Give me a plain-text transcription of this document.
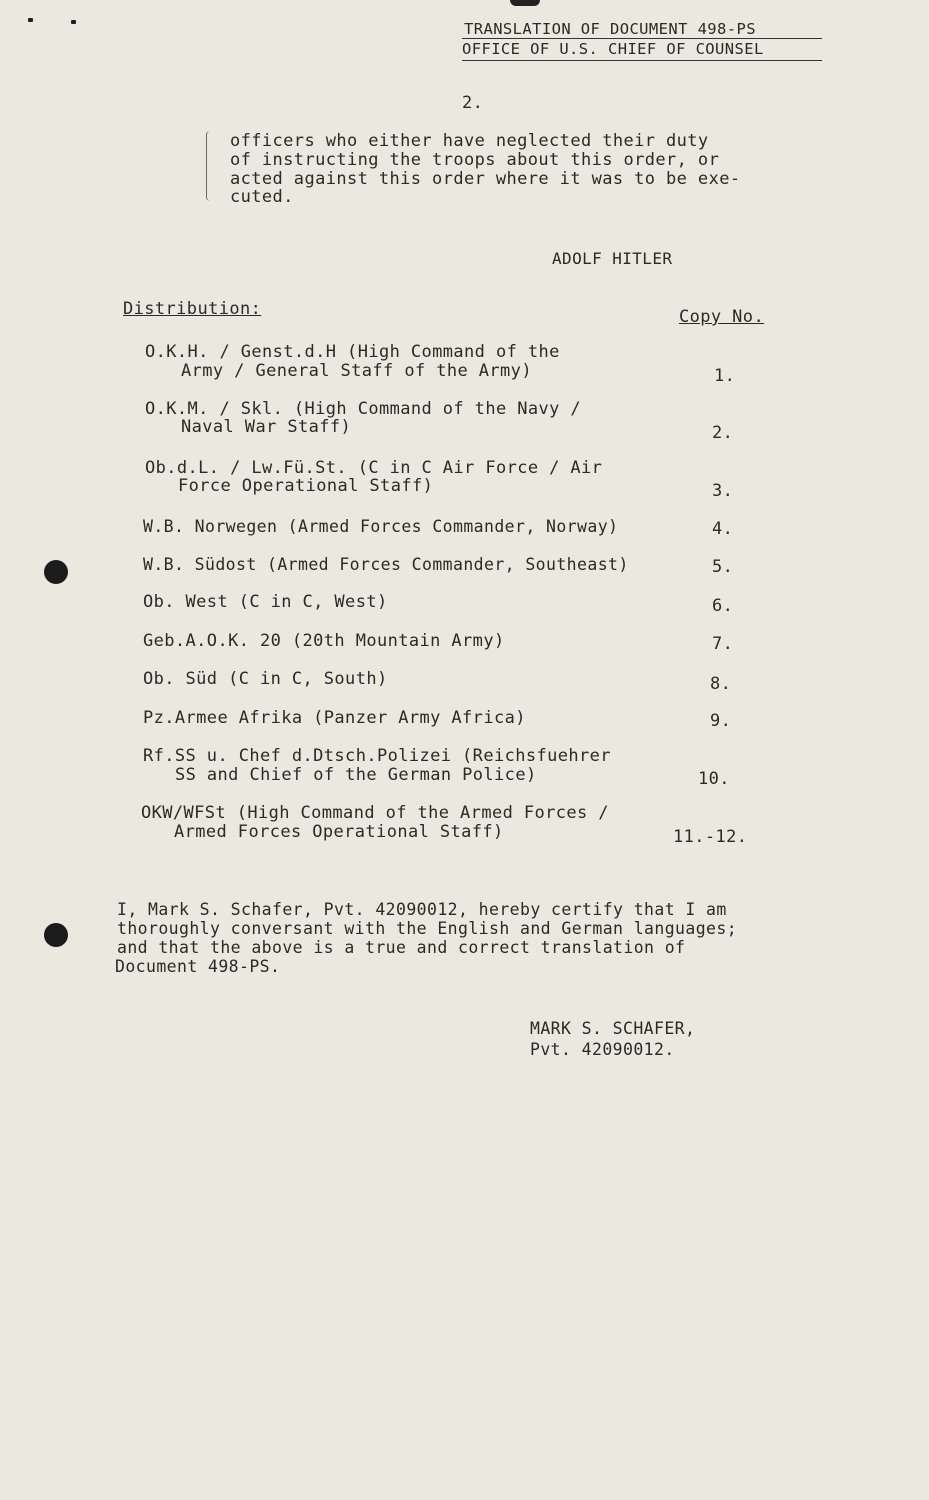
TRANSLATION OF DOCUMENT 498-PS
OFFICE OF U.S. CHIEF OF COUNSEL
2.
officers who either have neglected their duty
of instructing the troops about this order, or
acted against this order where it was to be exe-
cuted.
ADOLF HITLER
Distribution:	Copy No.
O.K.H. / Genst.d.H (High Command of the
Army / General Staff of the Army)	1.
O.K.M. / Skl. (High Command of the Navy /
Naval War Staff)	2.
Ob.d.L. / Lw.Fü.St. (C in C Air Force / Air
Force Operational Staff)	3.
W.B. Norwegen (Armed Forces Commander, Norway)	4.
W.B. Südost (Armed Forces Commander, Southeast)	5.
Ob. West (C in C, West)	6.
Geb.A.O.K. 20 (20th Mountain Army)	7.
Ob. Süd (C in C, South)	8.
Pz.Armee Afrika (Panzer Army Africa)	9.
Rf.SS u. Chef d.Dtsch.Polizei (Reichsfuehrer
SS and Chief of the German Police)	10.
OKW/WFSt (High Command of the Armed Forces /
Armed Forces Operational Staff)	11.-12.
I, Mark S. Schafer, Pvt. 42090012, hereby certify that I am
thoroughly conversant with the English and German languages;
and that the above is a true and correct translation of
Document 498-PS.
MARK S. SCHAFER,
Pvt. 42090012.
